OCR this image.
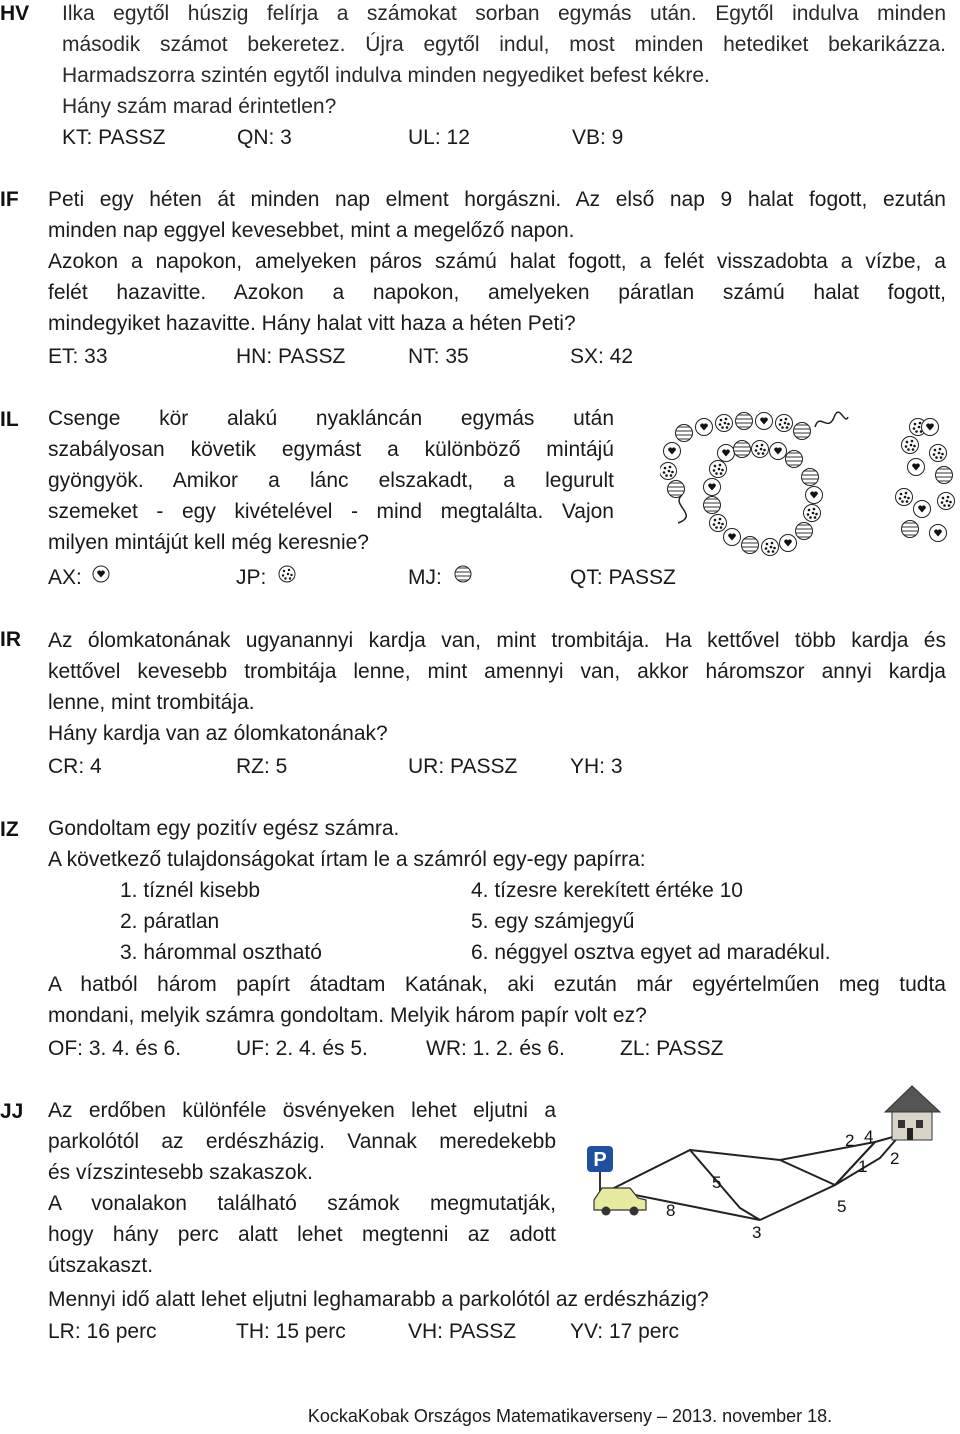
HV Ilka egytől húszig felírja a számokat sorban egymás után. Egytől indulva minden
második számot bekeretez. Újra egytől indul, most minden hetediket bekarikázza.
Harmadszorra szintén egytől indulva minden negyediket befest kékre.
Hány szám marad érintetlen?
KT: PASSZ	QN: 3	UL: 12	VB: 9
IF Peti egy héten át minden nap elment horgászni. Az első nap 9 halat fogott, ezután
minden nap eggyel kevesebbet, mint a megelőző napon.
Azokon a napokon, amelyeken páros számú halat fogott, a felét visszadobta a vízbe, a
felét hazavitte. Azokon a napokon, amelyeken páratlan számú halat fogott,
mindegyiket hazavitte. Hány halat vitt haza a héten Peti?
ET: 33	HN: PASSZ	NT: 35	SX: 42
IL Csenge kör alakú nyakláncán egymás után
szabályosan követik egymást a különböző mintájú
gyöngyök. Amikor a lánc elszakadt, a legurult
szemeket - egy kivételével - mind megtalálta. Vajon
milyen mintájút kell még keresnie?
AX:	JP:	MJ:	QT: PASSZ
IR Az ólomkatonának ugyanannyi kardja van, mint trombitája. Ha kettővel több kardja és
kettővel kevesebb trombitája lenne, mint amennyi van, akkor háromszor annyi kardja
lenne, mint trombitája.
Hány kardja van az ólomkatonának?
CR: 4	RZ: 5	UR: PASSZ	YH: 3
IZ Gondoltam egy pozitív egész számra.
A következő tulajdonságokat írtam le a számról egy-egy papírra:
1. tíznél kisebb
2. páratlan
3. hárommal osztható
4. tízesre kerekített értéke 10
5. egy számjegyű
6. néggyel osztva egyet ad maradékul.
A hatból három papírt átadtam Katának, aki ezután már egyértelműen meg tudta
mondani, melyik számra gondoltam. Melyik három papír volt ez?
OF: 3. 4. és 6.	UF: 2. 4. és 5.	WR: 1. 2. és 6.	ZL: PASSZ
JJ Az erdőben különféle ösvényeken lehet eljutni a
parkolótól az erdészházig. Vannak meredekebb
és vízszintesebb szakaszok.
A vonalakon található számok megmutatják,
hogy hány perc alatt lehet megtenni az adott
útszakaszt.
P
5
8
3
5
1 2
2 4
Mennyi idő alatt lehet eljutni leghamarabb a parkolótól az erdészházig?
LR: 16 perc	TH: 15 perc	VH: PASSZ	YV: 17 perc
KockaKobak Országos Matematikaverseny – 2013. november 18.
